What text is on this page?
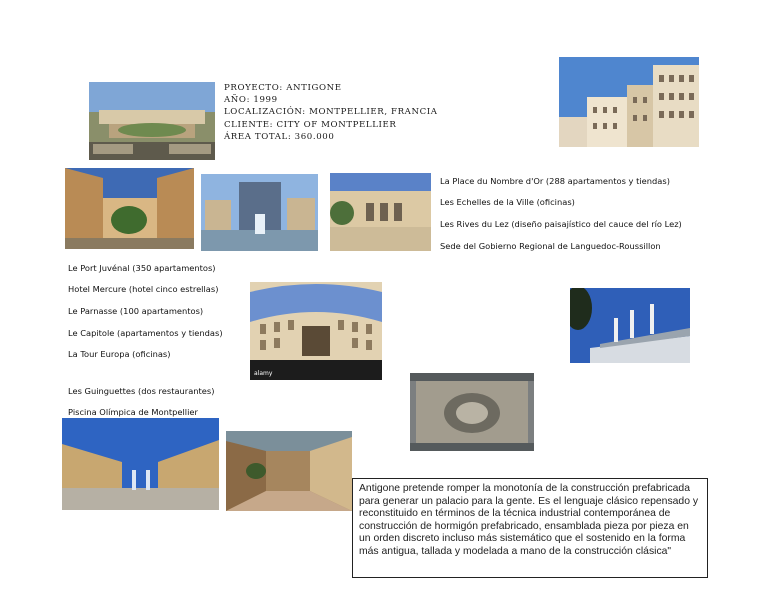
PROYECTO: ANTIGONE
AÑO: 1999
LOCALIZACIÓN: MONTPELLIER, FRANCIA
CLIENTE: CITY OF MONTPELLIER
ÁREA TOTAL: 360.000
La Place du Nombre d'Or (288 apartamentos y tiendas)
Les Echelles de la Ville (oficinas)
Les Rives du Lez (diseño paisajístico del cauce del río Lez)
Sede del Gobierno Regional de Languedoc-Roussillon
Le Port Juvénal (350 apartamentos)
Hotel Mercure (hotel cinco estrellas)
Le Parnasse (100 apartamentos)
Le Capitole (apartamentos y tiendas)
La Tour Europa (oficinas)
Les Guinguettes (dos restaurantes)
Piscina Olímpica de Montpellier
alamy
Antigone pretende romper la monotonía de la construcción prefabricada para generar un palacio para la gente. Es el lenguaje clásico repensado y reconstituido en términos de la técnica industrial contemporánea de construcción de hormigón prefabricado, ensamblada pieza por pieza en un orden discreto incluso más sistemático que el sostenido en la forma más antigua, tallada y modelada a mano de la construcción clásica"
